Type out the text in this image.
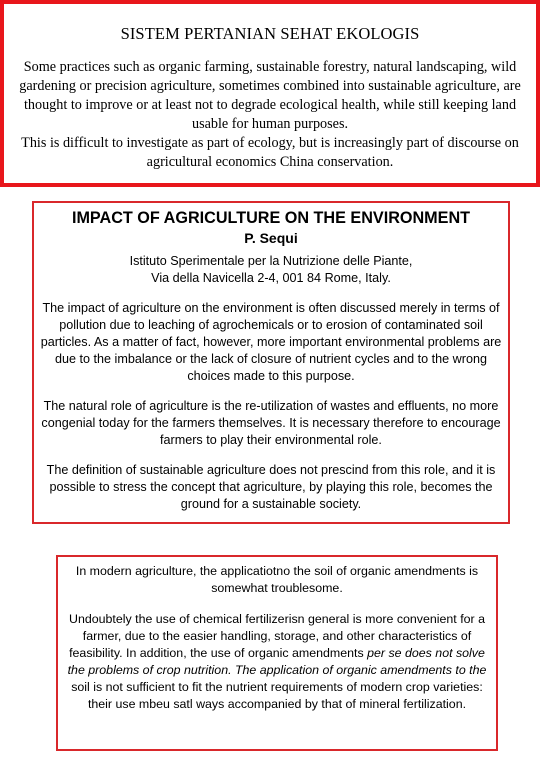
SISTEM PERTANIAN SEHAT EKOLOGIS

Some practices such as organic farming, sustainable forestry, natural landscaping, wild gardening or precision agriculture, sometimes combined into sustainable agriculture, are thought to improve or at least not to degrade ecological health, while still keeping land usable for human purposes.

This is difficult to investigate as part of ecology, but is increasingly part of discourse on agricultural economics China conservation.

IMPACT OF AGRICULTURE ON THE ENVIRONMENT
P. Sequi
Istituto Sperimentale per la Nutrizione delle Piante,
Via della Navicella 2-4, 001 84 Rome, Italy.

The impact of agriculture on the environment is often discussed merely in terms of pollution due to leaching of agrochemicals or to erosion of contaminated soil particles. As a matter of fact, however, more important environmental problems are due to the imbalance or the lack of closure of nutrient cycles and to the wrong choices made to this purpose.

The natural role of agriculture is the re-utilization of wastes and effluents, no more congenial today for the farmers themselves. It is necessary therefore to encourage farmers to play their environmental role.

The definition of sustainable agriculture does not prescind from this role, and it is possible to stress the concept that agriculture, by playing this role, becomes the ground for a sustainable society.

In modern agriculture, the applicatiotno the soil of organic amendments is somewhat troublesome.

Undoubtely the use of chemical fertilizerisn general is more convenient for a farmer, due to the easier handling, storage, and other characteristics of feasibility. In addition, the use of organic amendments per se does not solve the problems of crop nutrition. The application of organic amendments to the soil is not sufficient to fit the nutrient requirements of modern crop varieties: their use mbeu satl ways accompanied by that of mineral fertilization.
